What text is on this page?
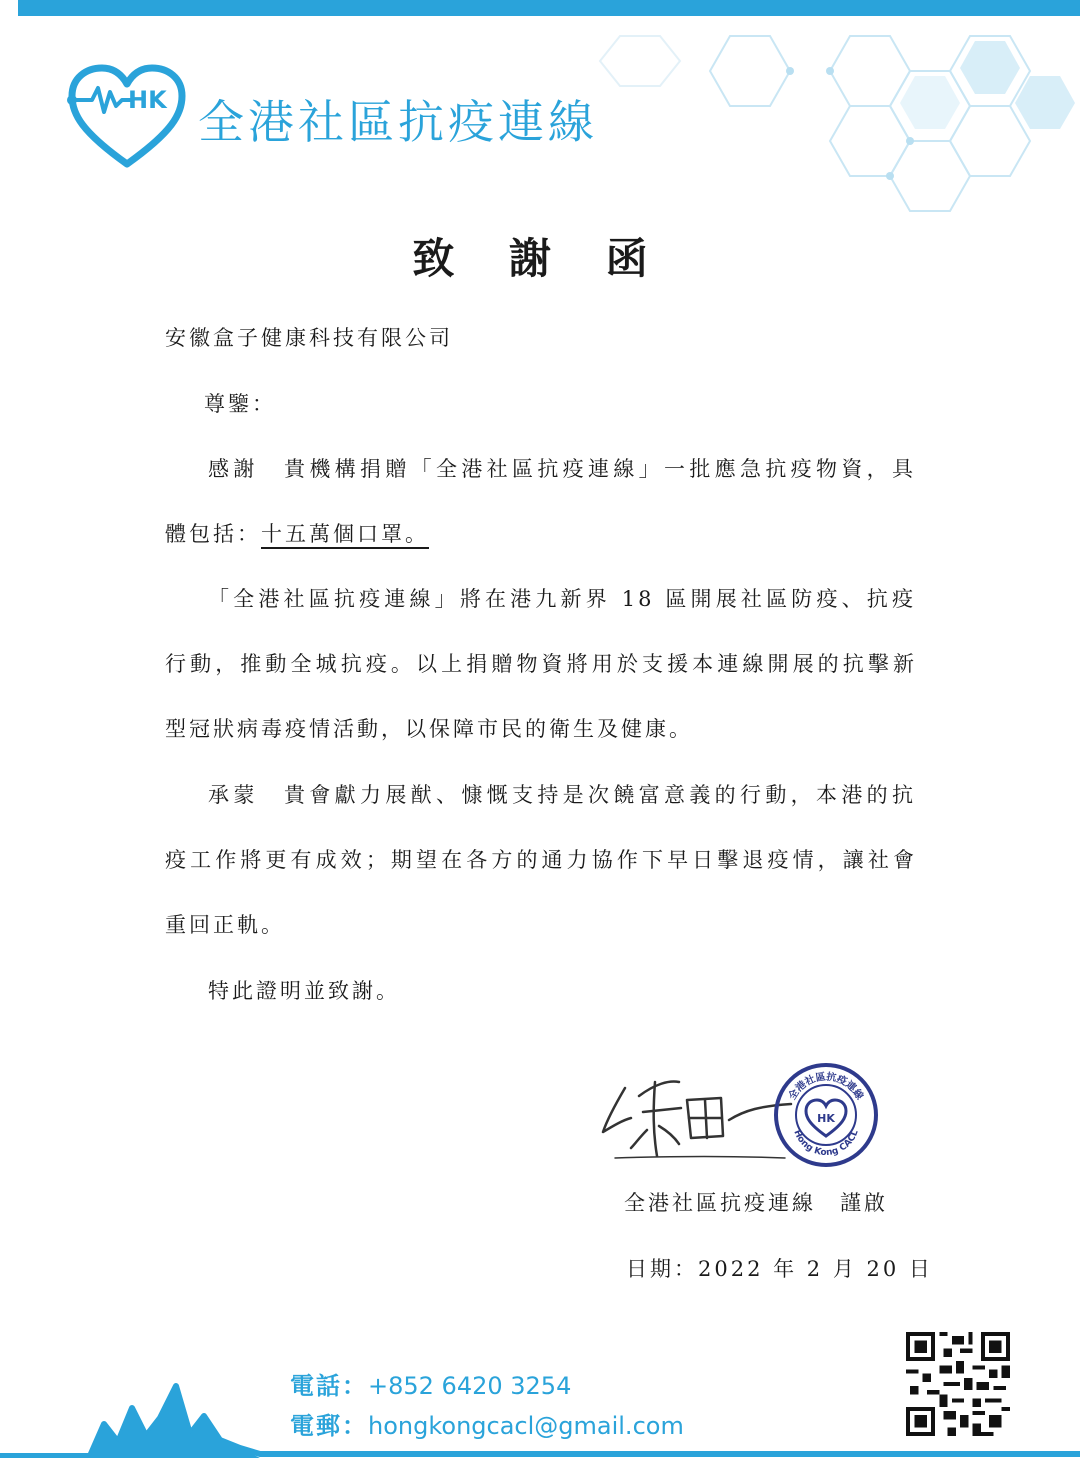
HK 全港社區抗疫連線
致 謝 函
安徽盒子健康科技有限公司
尊鑒：
感謝　貴機構捐贈「全港社區抗疫連線」一批應急抗疫物資，具
體包括：十五萬個口罩。
「全港社區抗疫連線」將在港九新界 18 區開展社區防疫、抗疫
行動，推動全城抗疫。以上捐贈物資將用於支援本連線開展的抗擊新
型冠狀病毒疫情活動，以保障市民的衛生及健康。
承蒙　貴會獻力展猷、慷慨支持是次饒富意義的行動，本港的抗
疫工作將更有成效；期望在各方的通力協作下早日擊退疫情，讓社會
重回正軌。
特此證明並致謝。
全港社區抗疫連線
Hong Kong CACL
HK
全港社區抗疫連線　謹啟
日期：2022 年 2 月 20 日
電話：+852 6420 3254
電郵：hongkongcacl@gmail.com
